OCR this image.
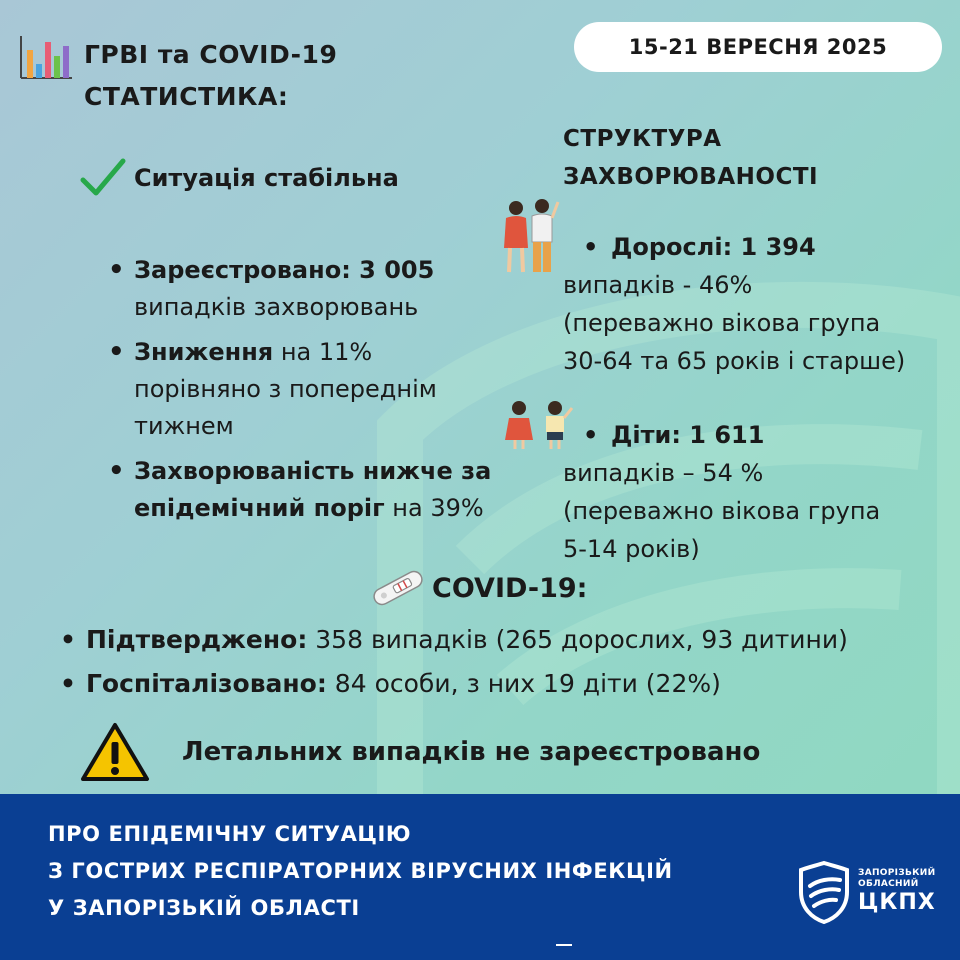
ГРВІ та COVID-19
СТАТИСТИКА:
15-21 ВЕРЕСНЯ 2025
Ситуація стабільна
• Зареєстровано: 3 005 випадків захворювань
• Зниження на 11% порівняно з попереднім тижнем
• Захворюваність нижче за епідемічний поріг на 39%
СТРУКТУРА
ЗАХВОРЮВАНОСТІ
• Дорослі: 1 394
випадків - 46%
(переважно вікова група
30-64 та 65 років і старше)
• Діти: 1 611
випадків – 54 %
(переважно вікова група
5-14 років)
COVID-19:
• Підтверджено: 358 випадків (265 дорослих, 93 дитини)
• Госпіталізовано: 84 особи, з них 19 діти (22%)
Летальних випадків не зареєстровано
ПРО ЕПІДЕМІЧНУ СИТУАЦІЮ
З ГОСТРИХ РЕСПІРАТОРНИХ ВІРУСНИХ ІНФЕКЦІЙ
У ЗАПОРІЗЬКІЙ ОБЛАСТІ
ЗАПОРІЗЬКИЙ
ОБЛАСНИЙ
ЦКПХ
